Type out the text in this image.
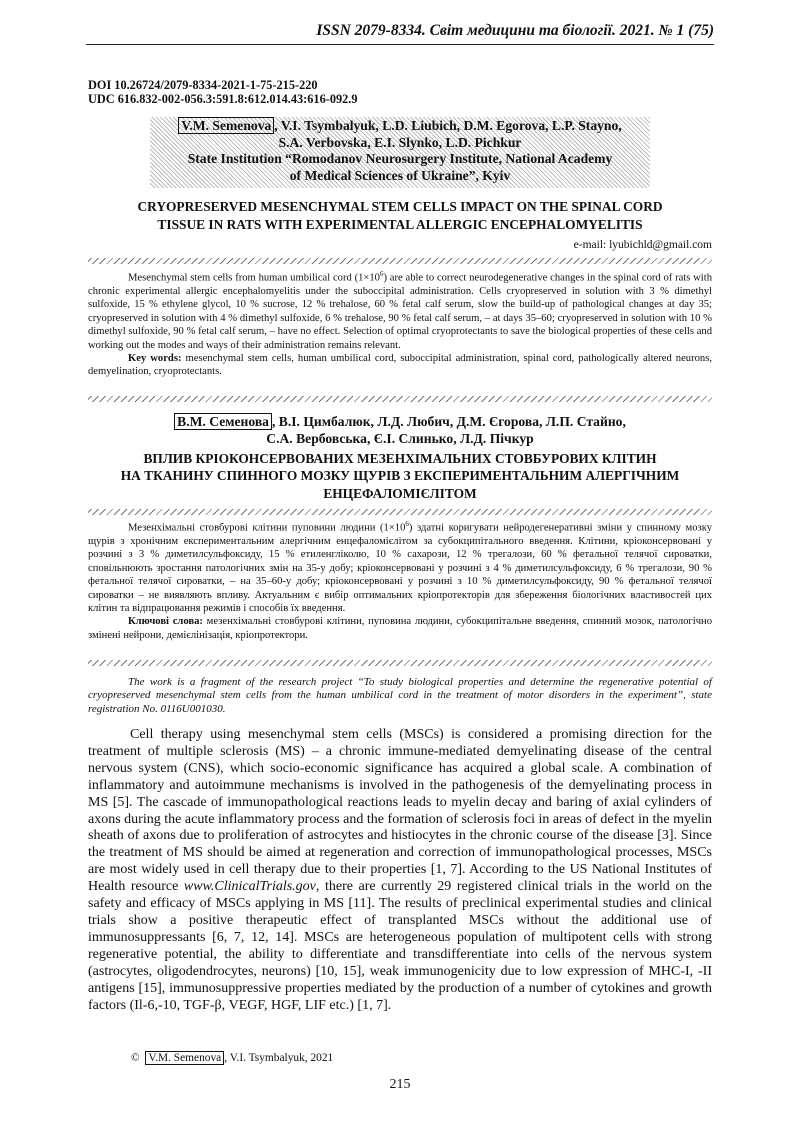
ISSN 2079-8334. Світ медицини та біології. 2021. № 1 (75)
DOI 10.26724/2079-8334-2021-1-75-215-220
UDC 616.832-002-056.3:591.8:612.014.43:616-092.9
V.M. Semenova , V.I. Tsymbalyuk, L.D. Liubich, D.M. Egorova, L.P. Stayno,
S.A. Verbovska, E.I. Slynko, L.D. Pichkur
State Institution “Romodanov Neurosurgery Institute, National Academy
of Medical Sciences of Ukraine”, Kyiv
CRYOPRESERVED MESENCHYMAL STEM CELLS IMPACT ON THE SPINAL CORD
TISSUE IN RATS WITH EXPERIMENTAL ALLERGIC ENCEPHALOMYELITIS
e-mail: lyubichld@gmail.com

Mesenchymal stem cells from human umbilical cord $(1\times 10^6)$ are able to correct neurodegenerative changes in the spinal cord of rats with chronic experimental allergic encephalomyelitis under the suboccipital administration. Cells cryopreserved in solution with 3 % dimethyl sulfoxide, 15 % ethylene glycol, 10 % sucrose, 12 % trehalose, 60 % fetal calf serum, slow the build-up of pathological changes at day 35; cryopreserved in solution with 4 % dimethyl sulfoxide, 6 % trehalose, 90 % fetal calf serum, – at days 35–60; cryopreserved in solution with 10 % dimethyl sulfoxide, 90 % fetal calf serum, – have no effect. Selection of optimal cryoprotectants to save the biological properties of these cells and working out the modes and ways of their administration remains relevant.

Key words: mesenchymal stem cells, human umbilical cord, suboccipital administration, spinal cord, pathologically altered neurons, demyelination, cryoprotectants.

В.М. Семенова , В.І. Цимбалюк, Л.Д. Любич, Д.М. Єгорова, Л.П. Стайно,
С.А. Вербовська, Є.І. Слинько, Л.Д. Пічкур
ВПЛИВ КРІОКОНСЕРВОВАНИХ МЕЗЕНХІМАЛЬНИХ СТОВБУРОВИХ КЛІТИН
НА ТКАНИНУ СПИННОГО МОЗКУ ЩУРІВ З ЕКСПЕРИМЕНТАЛЬНИМ АЛЕРГІЧНИМ
ЕНЦЕФАЛОМІЄЛІТОМ

Мезенхімальні стовбурові клітини пуповини людини $(1\times 10^6)$ здатні коригувати нейродегенеративні зміни у спинному мозку щурів з хронічним експериментальним алергічним енцефаломієлітом за субокципітального введення. Клітини, кріоконсервовані у розчині з 3 % диметилсульфоксиду, 15 % етиленгліколю, 10 % сахарози, 12 % трегалози, 60 % фетальної телячої сироватки, сповільнюють зростання патологічних змін на 35-у добу; кріоконсервовані у розчині з 4 % диметилсульфоксиду, 6 % трегалози, 90 % фетальної телячої сироватки, – на 35–60-у добу; кріоконсервовані у розчині з 10 % диметилсульфоксиду, 90 % фетальної телячої сироватки – не виявляють впливу. Актуальним є вибір оптимальних кріопротекторів для збереження біологічних властивостей цих клітин та відпрацювання режимів і способів їх введення.

Ключові слова: мезенхімальні стовбурові клітини, пуповина людини, субокципітальне введення, спинний мозок, патологічно змінені нейрони, демієлінізація, кріопротектори.

The work is a fragment of the research project “To study biological properties and determine the regenerative potential of cryopreserved mesenchymal stem cells from the human umbilical cord in the treatment of motor disorders in the experiment”, state registration No. 0116U001030.

Cell therapy using mesenchymal stem cells (MSCs) is considered a promising direction for the treatment of multiple sclerosis (MS) – a chronic immune-mediated demyelinating disease of the central nervous system (CNS), which socio-economic significance has acquired a global scale. A combination of inflammatory and autoimmune mechanisms is involved in the pathogenesis of the demyelinating process in MS [5]. The cascade of immunopathological reactions leads to myelin decay and baring of axial cylinders of axons during the acute inflammatory process and the formation of sclerosis foci in areas of defect in the myelin sheath of axons due to proliferation of astrocytes and histiocytes in the chronic course of the disease [3]. Since the treatment of MS should be aimed at regeneration and correction of immunopathological processes, MSCs are most widely used in cell therapy due to their properties [1, 7]. According to the US National Institutes of Health resource www.ClinicalTrials.gov, there are currently 29 registered clinical trials in the world on the safety and efficacy of MSCs applying in MS [11]. The results of preclinical experimental studies and clinical trials show a positive therapeutic effect of transplanted MSCs without the additional use of immunosuppressants [6, 7, 12, 14]. MSCs are heterogeneous population of multipotent cells with strong regenerative potential, the ability to differentiate and transdifferentiate into cells of the nervous system (astrocytes, oligodendrocytes, neurons) [10, 15], weak immunogenicity due to low expression of MHC-I, -II antigens [15], immunosuppressive properties mediated by the production of a number of cytokines and growth factors (Il-6,-10, TGF-β, VEGF, HGF, LIF etc.) [1, 7].

© V.M. Semenova , V.I. Tsymbalyuk, 2021
215
